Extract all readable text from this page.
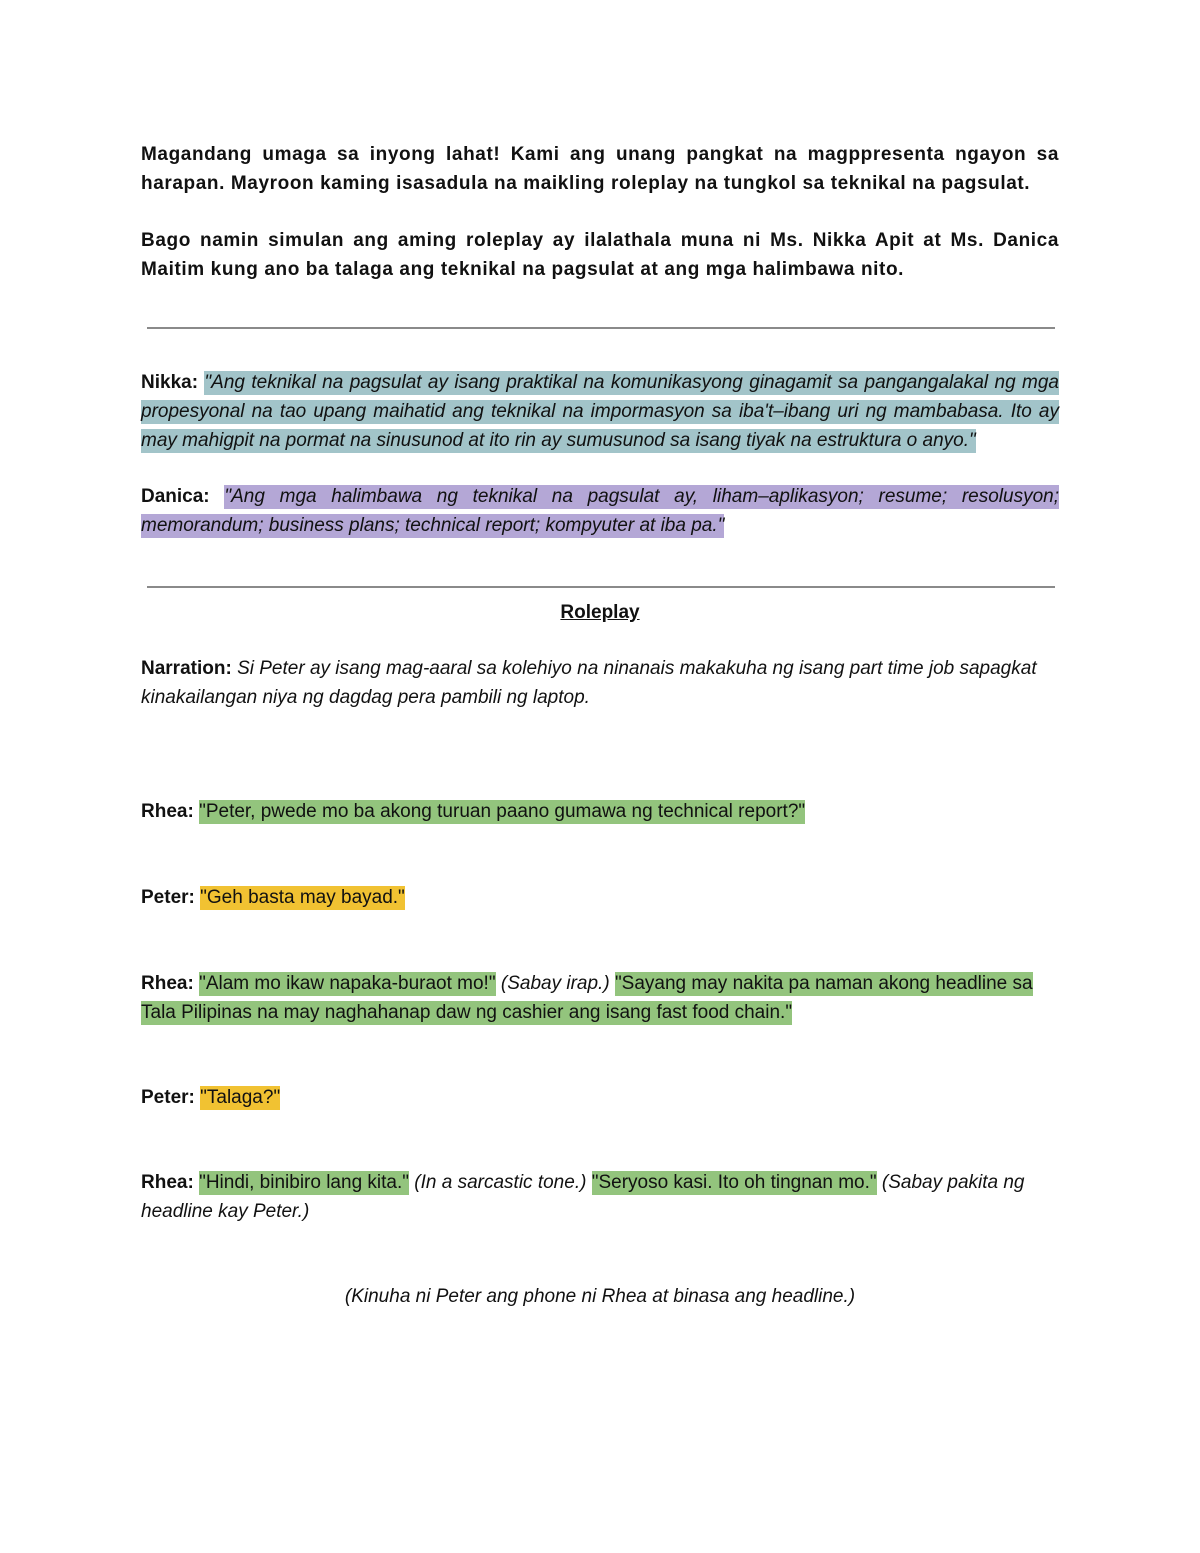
Magandang umaga sa inyong lahat! Kami ang unang pangkat na magppresenta ngayon sa harapan. Mayroon kaming isasadula na maikling roleplay na tungkol sa teknikal na pagsulat.

Bago namin simulan ang aming roleplay ay ilalathala muna ni Ms. Nikka Apit at Ms. Danica Maitim kung ano ba talaga ang teknikal na pagsulat at ang mga halimbawa nito.

Nikka: "Ang teknikal na pagsulat ay isang praktikal na komunikasyong ginagamit sa pangangalakal ng mga propesyonal na tao upang maihatid ang teknikal na impormasyon sa iba't–ibang uri ng mambabasa. Ito ay may mahigpit na pormat na sinusunod at ito rin ay sumusunod sa isang tiyak na estruktura o anyo."

Danica: "Ang mga halimbawa ng teknikal na pagsulat ay, liham–aplikasyon; resume; resolusyon; memorandum; business plans; technical report; kompyuter at iba pa."

Roleplay

Narration: Si Peter ay isang mag-aaral sa kolehiyo na ninanais makakuha ng isang part time job sapagkat kinakailangan niya ng dagdag pera pambili ng laptop.

Rhea: "Peter, pwede mo ba akong turuan paano gumawa ng technical report?"

Peter: "Geh basta may bayad."

Rhea: "Alam mo ikaw napaka-buraot mo!" (Sabay irap.) "Sayang may nakita pa naman akong headline sa Tala Pilipinas na may naghahanap daw ng cashier ang isang fast food chain."

Peter: "Talaga?"

Rhea: "Hindi, binibiro lang kita." (In a sarcastic tone.) "Seryoso kasi. Ito oh tingnan mo." (Sabay pakita ng headline kay Peter.)

(Kinuha ni Peter ang phone ni Rhea at binasa ang headline.)
